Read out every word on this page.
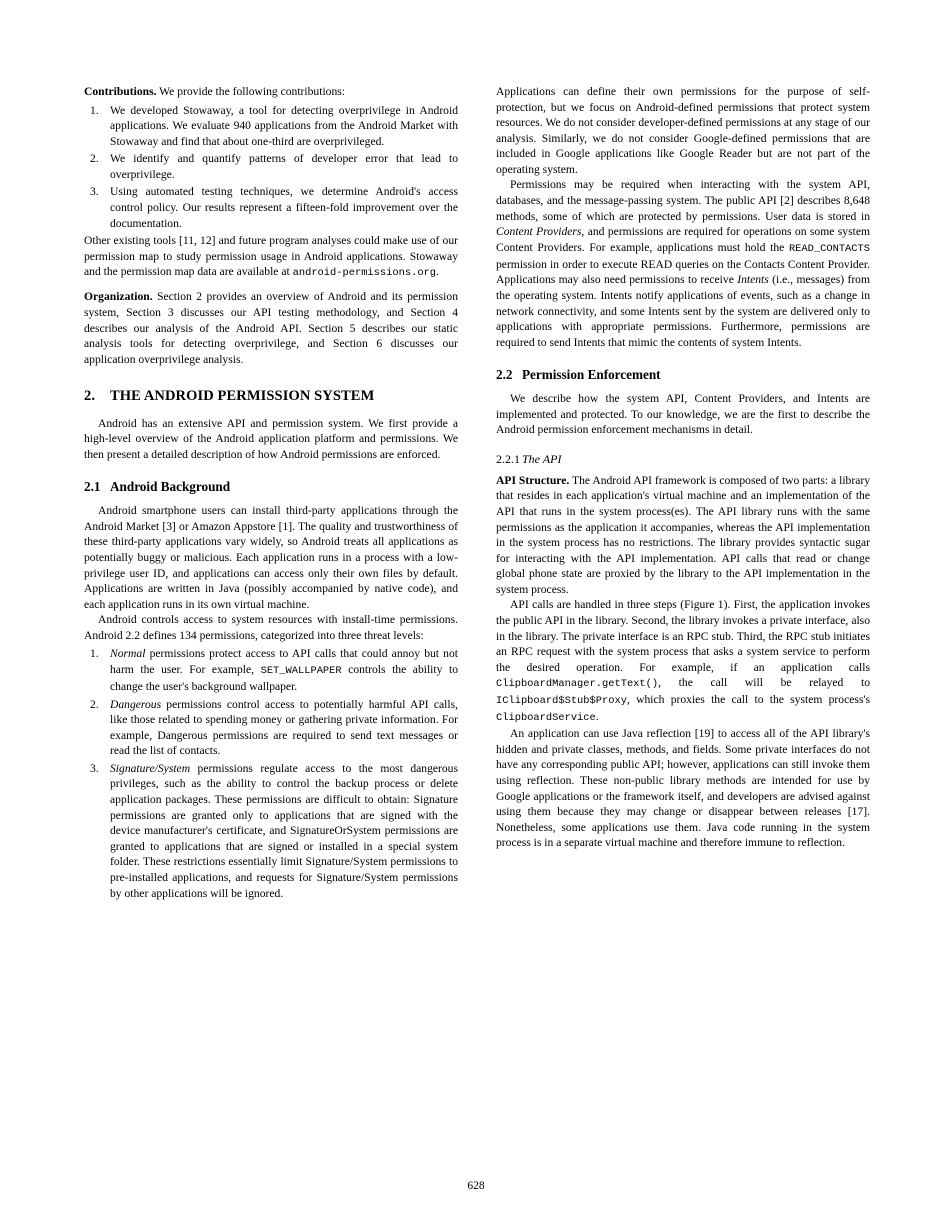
Contributions. We provide the following contributions:

We developed Stowaway, a tool for detecting overprivilege in Android applications. We evaluate 940 applications from the Android Market with Stowaway and find that about one-third are overprivileged.
We identify and quantify patterns of developer error that lead to overprivilege.
Using automated testing techniques, we determine Android's access control policy. Our results represent a fifteen-fold improvement over the documentation.

Other existing tools [11, 12] and future program analyses could make use of our permission map to study permission usage in Android applications. Stowaway and the permission map data are available at android-permissions.org.

Organization. Section 2 provides an overview of Android and its permission system, Section 3 discusses our API testing methodology, and Section 4 describes our analysis of the Android API. Section 5 describes our static analysis tools for detecting overprivilege, and Section 6 discusses our application overprivilege analysis.

2. THE ANDROID PERMISSION SYSTEM

Android has an extensive API and permission system. We first provide a high-level overview of the Android application platform and permissions. We then present a detailed description of how Android permissions are enforced.

2.1 Android Background

Android smartphone users can install third-party applications through the Android Market [3] or Amazon Appstore [1]. The quality and trustworthiness of these third-party applications vary widely, so Android treats all applications as potentially buggy or malicious. Each application runs in a process with a low-privilege user ID, and applications can access only their own files by default. Applications are written in Java (possibly accompanied by native code), and each application runs in its own virtual machine.

Android controls access to system resources with install-time permissions. Android 2.2 defines 134 permissions, categorized into three threat levels:

Normal permissions protect access to API calls that could annoy but not harm the user. For example, SET_WALLPAPER controls the ability to change the user's background wallpaper.
Dangerous permissions control access to potentially harmful API calls, like those related to spending money or gathering private information. For example, Dangerous permissions are required to send text messages or read the list of contacts.
Signature/System permissions regulate access to the most dangerous privileges, such as the ability to control the backup process or delete application packages. These permissions are difficult to obtain: Signature permissions are granted only to applications that are signed with the device manufacturer's certificate, and SignatureOrSystem permissions are granted to applications that are signed or installed in a special system folder. These restrictions essentially limit Signature/System permissions to pre-installed applications, and requests for Signature/System permissions by other applications will be ignored.

Applications can define their own permissions for the purpose of self-protection, but we focus on Android-defined permissions that protect system resources. We do not consider developer-defined permissions at any stage of our analysis. Similarly, we do not consider Google-defined permissions that are included in Google applications like Google Reader but are not part of the operating system.

Permissions may be required when interacting with the system API, databases, and the message-passing system. The public API [2] describes 8,648 methods, some of which are protected by permissions. User data is stored in Content Providers, and permissions are required for operations on some system Content Providers. For example, applications must hold the READ_CONTACTS permission in order to execute READ queries on the Contacts Content Provider. Applications may also need permissions to receive Intents (i.e., messages) from the operating system. Intents notify applications of events, such as a change in network connectivity, and some Intents sent by the system are delivered only to applications with appropriate permissions. Furthermore, permissions are required to send Intents that mimic the contents of system Intents.

2.2 Permission Enforcement

We describe how the system API, Content Providers, and Intents are implemented and protected. To our knowledge, we are the first to describe the Android permission enforcement mechanisms in detail.

2.2.1 The API

API Structure. The Android API framework is composed of two parts: a library that resides in each application's virtual machine and an implementation of the API that runs in the system process(es). The API library runs with the same permissions as the application it accompanies, whereas the API implementation in the system process has no restrictions. The library provides syntactic sugar for interacting with the API implementation. API calls that read or change global phone state are proxied by the library to the API implementation in the system process.

API calls are handled in three steps (Figure 1). First, the application invokes the public API in the library. Second, the library invokes a private interface, also in the library. The private interface is an RPC stub. Third, the RPC stub initiates an RPC request with the system process that asks a system service to perform the desired operation. For example, if an application calls ClipboardManager.getText(), the call will be relayed to IClipboard$Stub$Proxy, which proxies the call to the system process's ClipboardService.

An application can use Java reflection [19] to access all of the API library's hidden and private classes, methods, and fields. Some private interfaces do not have any corresponding public API; however, applications can still invoke them using reflection. These non-public library methods are intended for use by Google applications or the framework itself, and developers are advised against using them because they may change or disappear between releases [17]. Nonetheless, some applications use them. Java code running in the system process is in a separate virtual machine and therefore immune to reflection.

628
